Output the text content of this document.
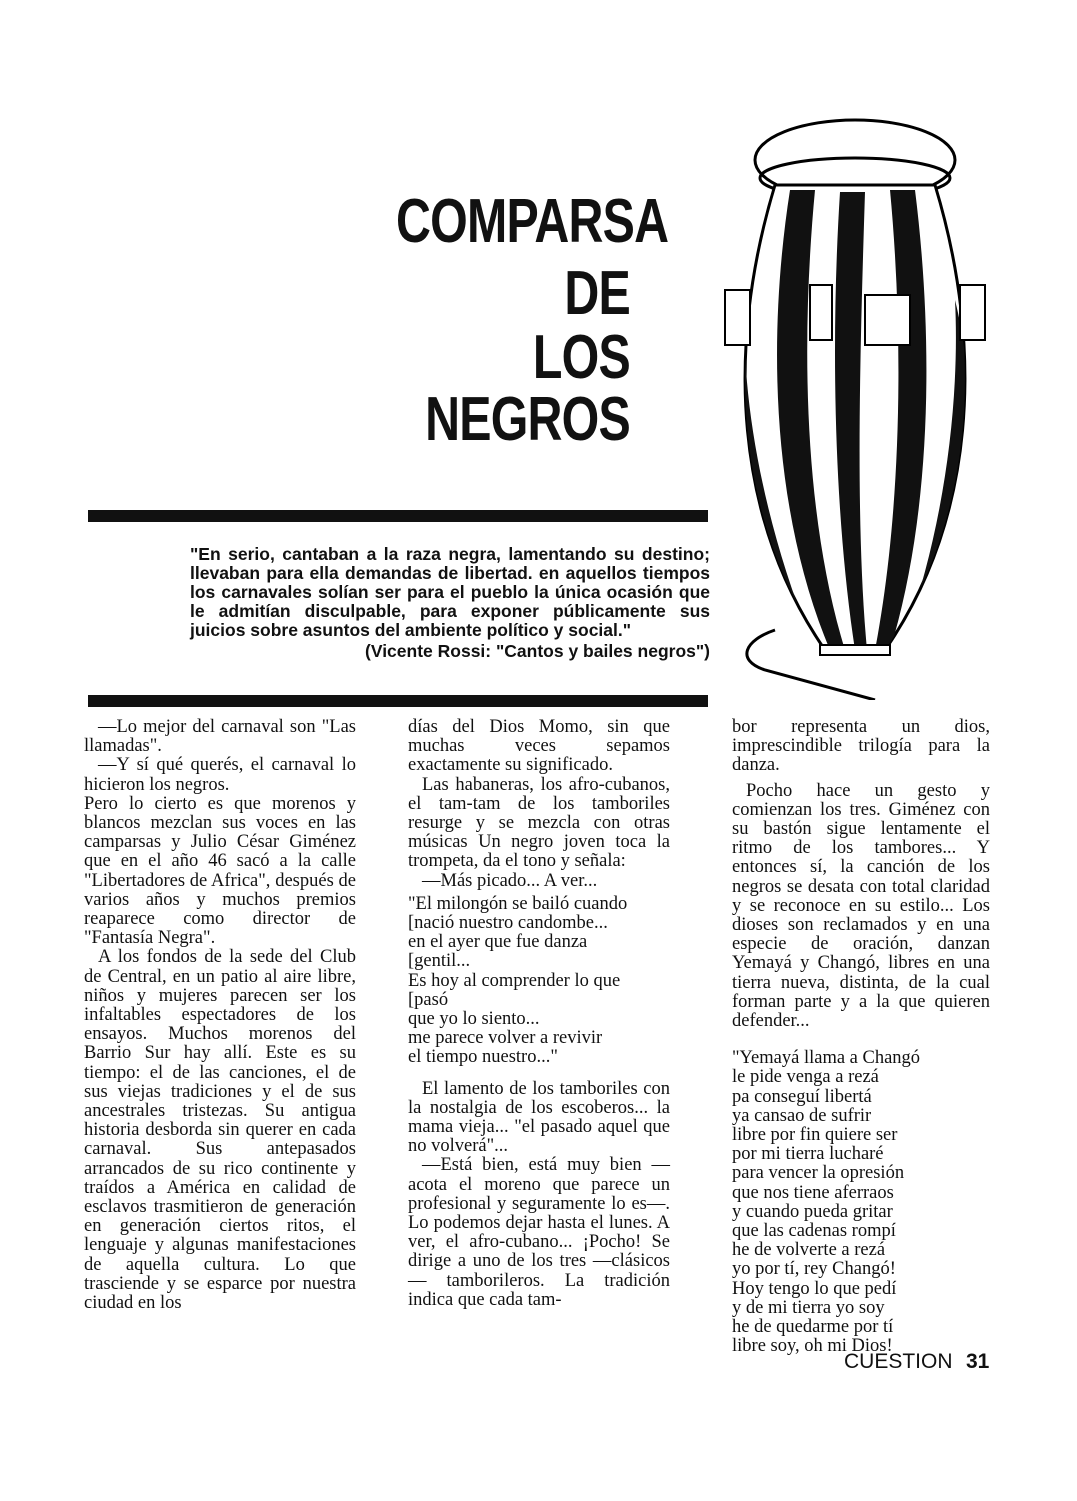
COMPARSA
DE
LOS
NEGROS
"En serio, cantaban a la raza negra, lamentando su destino; llevaban para ella demandas de libertad. en aquellos tiempos los carnavales solían ser para el pueblo la única ocasión que le admitían disculpable, para exponer públicamente sus juicios sobre asuntos del ambiente político y social."
(Vicente Rossi: "Cantos y bailes negros")

—Lo mejor del carnaval son "Las llamadas".

—Y sí qué querés, el carnaval lo hicieron los negros.

Pero lo cierto es que morenos y blancos mezclan sus voces en las camparsas y Julio César Giménez que en el año 46 sacó a la calle "Libertadores de Africa", después de varios años y muchos premios reaparece como director de "Fantasía Negra".

A los fondos de la sede del Club de Central, en un patio al aire libre, niños y mujeres parecen ser los infaltables espectadores de los ensayos. Muchos morenos del Barrio Sur hay allí. Este es su tiempo: el de las canciones, el de sus viejas tradiciones y el de sus ancestrales tristezas. Su antigua historia desborda sin querer en cada carnaval. Sus antepasados arrancados de su rico continente y traídos a América en calidad de esclavos trasmitieron de generación en generación ciertos ritos, el lenguaje y algunas manifestaciones de aquella cultura. Lo que trasciende y se esparce por nuestra ciudad en los

días del Dios Momo, sin que muchas veces sepamos exactamente su significado.

Las habaneras, los afro-cubanos, el tam-tam de los tamboriles resurge y se mezcla con otras músicas Un negro joven toca la trompeta, da el tono y señala:

—Más picado... A ver...

"El milongón se bailó cuando
[nació nuestro candombe...
en el ayer que fue danza
[gentil...
Es hoy al comprender lo que
[pasó
que yo lo siento...
me parece volver a revivir
el tiempo nuestro..."

El lamento de los tamboriles con la nostalgia de los escoberos... la mama vieja... "el pasado aquel que no volverá"...

—Está bien, está muy bien —acota el moreno que parece un profesional y seguramente lo es—. Lo podemos dejar hasta el lunes. A ver, el afro-cubano... ¡Pocho! Se dirige a uno de los tres —clásicos— tamborileros. La tradición indica que cada tam-

bor representa un dios, imprescindible trilogía para la danza.

Pocho hace un gesto y comienzan los tres. Giménez con su bastón sigue lentamente el ritmo de los tambores... Y entonces sí, la canción de los negros se desata con total claridad y se reconoce en su estilo... Los dioses son reclamados y en una especie de oración, danzan Yemayá y Changó, libres en una tierra nueva, distinta, de la cual forman parte y a la que quieren defender...

"Yemayá llama a Changó
le pide venga a rezá
pa conseguí libertá
ya cansao de sufrir
libre por fin quiere ser
por mi tierra lucharé
para vencer la opresión
que nos tiene aferraos
y cuando pueda gritar
que las cadenas rompí
he de volverte a rezá
yo por tí, rey Changó!
Hoy tengo lo que pedí
y de mi tierra yo soy
he de quedarme por tí
libre soy, oh mi Dios!

CUESTION 31
